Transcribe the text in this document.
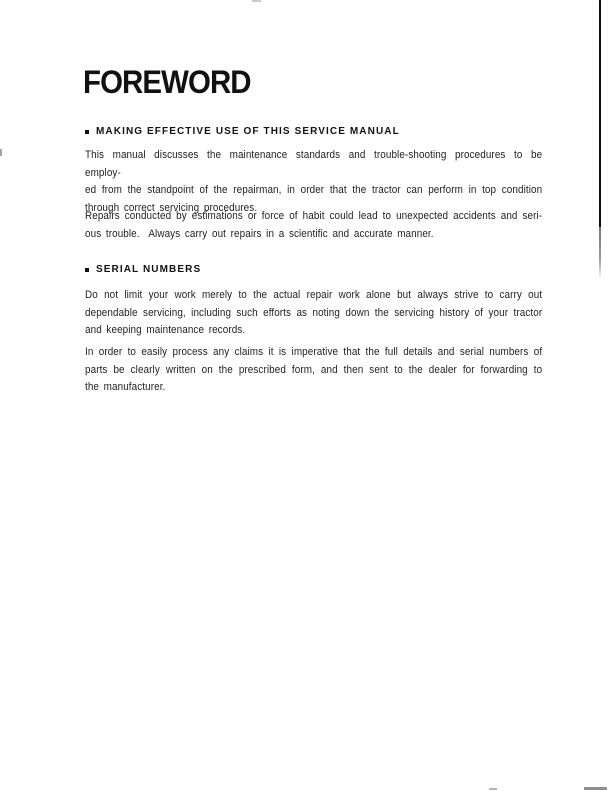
FOREWORD
MAKING EFFECTIVE USE OF THIS SERVICE MANUAL
This manual discusses the maintenance standards and trouble-shooting procedures to be employ-
ed from the standpoint of the repairman, in order that the tractor can perform in top condition
through correct servicing procedures.
Repairs conducted by estimations or force of habit could lead to unexpected accidents and seri-
ous trouble.  Always carry out repairs in a scientific and accurate manner.
SERIAL NUMBERS
Do not limit your work merely to the actual repair work alone but always strive to carry out
dependable servicing, including such efforts as noting down the servicing history of your tractor
and keeping maintenance records.
In order to easily process any claims it is imperative that the full details and serial numbers of
parts be clearly written on the prescribed form, and then sent to the dealer for forwarding to
the manufacturer.
